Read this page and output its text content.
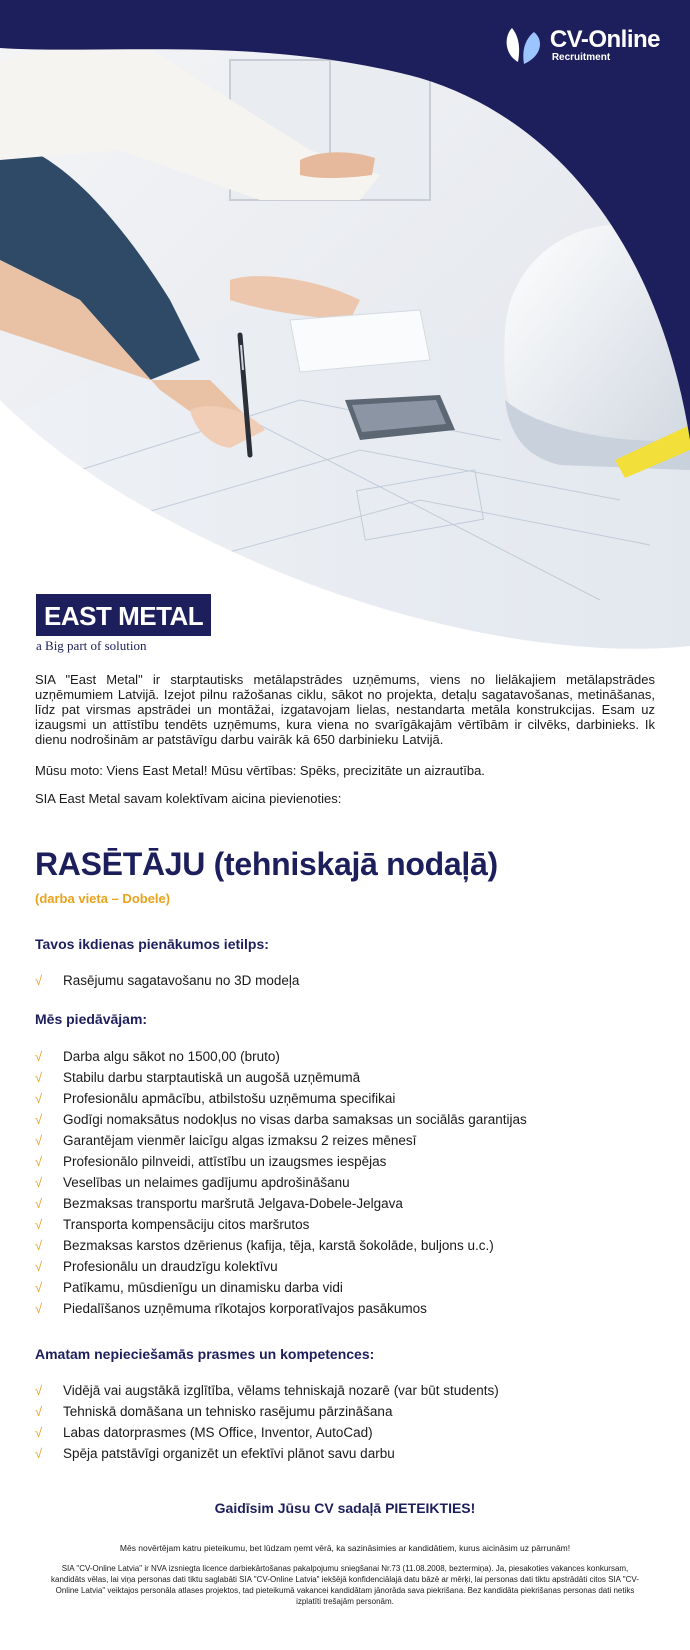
CV-Online
Recruitment
EAST METAL
a Big part of solution

SIA "East Metal" ir starptautisks metālapstrādes uzņēmums, viens no lielākajiem metālapstrādes uzņēmumiem Latvijā. Izejot pilnu ražošanas ciklu, sākot no projekta, detaļu sagatavošanas, metināšanas, līdz pat virsmas apstrādei un montāžai, izgatavojam lielas, nestandarta metāla konstrukcijas. Esam uz izaugsmi un attīstību tendēts uzņēmums, kura viena no svarīgākajām vērtībām ir cilvēks, darbinieks. Ik dienu nodrošinām ar patstāvīgu darbu vairāk kā 650 darbinieku Latvijā.

Mūsu moto: Viens East Metal! Mūsu vērtības: Spēks, precizitāte un aizrautība.

SIA East Metal savam kolektīvam aicina pievienoties:

RASĒTĀJU (tehniskajā nodaļā)
(darba vieta – Dobele)
Tavos ikdienas pienākumos ietilps:
√	Rasējumu sagatavošanu no 3D modeļa
Mēs piedāvājam:
√	Darba algu sākot no 1500,00 (bruto)
√	Stabilu darbu starptautiskā un augošā uzņēmumā
√	Profesionālu apmācību, atbilstošu uzņēmuma specifikai
√	Godīgi nomaksātus nodokļus no visas darba samaksas un sociālās garantijas
√	Garantējam vienmēr laicīgu algas izmaksu 2 reizes mēnesī
√	Profesionālo pilnveidi, attīstību un izaugsmes iespējas
√	Veselības un nelaimes gadījumu apdrošināšanu
√	Bezmaksas transportu maršrutā Jelgava-Dobele-Jelgava
√	Transporta kompensāciju citos maršrutos
√	Bezmaksas karstos dzērienus (kafija, tēja, karstā šokolāde, buljons u.c.)
√	Profesionālu un draudzīgu kolektīvu
√	Patīkamu, mūsdienīgu un dinamisku darba vidi
√	Piedalīšanos uzņēmuma rīkotajos korporatīvajos pasākumos
Amatam nepieciešamās prasmes un kompetences:
√	Vidējā vai augstākā izglītība, vēlams tehniskajā nozarē (var būt students)
√	Tehniskā domāšana un tehnisko rasējumu pārzināšana
√	Labas datorprasmes (MS Office, Inventor, AutoCad)
√	Spēja patstāvīgi organizēt un efektīvi plānot savu darbu
Gaidīsim Jūsu CV sadaļā PIETEIKTIES!
Mēs novērtējam katru pieteikumu, bet lūdzam ņemt vērā, ka sazināsimies ar kandidātiem, kurus aicināsim uz pārrunām!
SIA "CV-Online Latvia" ir NVA izsniegta licence darbiekārtošanas pakalpojumu sniegšanai Nr.73 (11.08.2008, beztermiņa). Ja, piesakoties vakances konkursam, kandidāts vēlas, lai viņa personas dati tiktu saglabāti SIA "CV-Online Latvia" iekšējā konfidenciālajā datu bāzē ar mērķi, lai personas dati tiktu apstrādāti citos SIA "CV-Online Latvia" veiktajos personāla atlases projektos, tad pieteikumā vakancei kandidātam jānorāda sava piekrišana. Bez kandidāta piekrišanas personas dati netiks izplatīti trešajām personām.
